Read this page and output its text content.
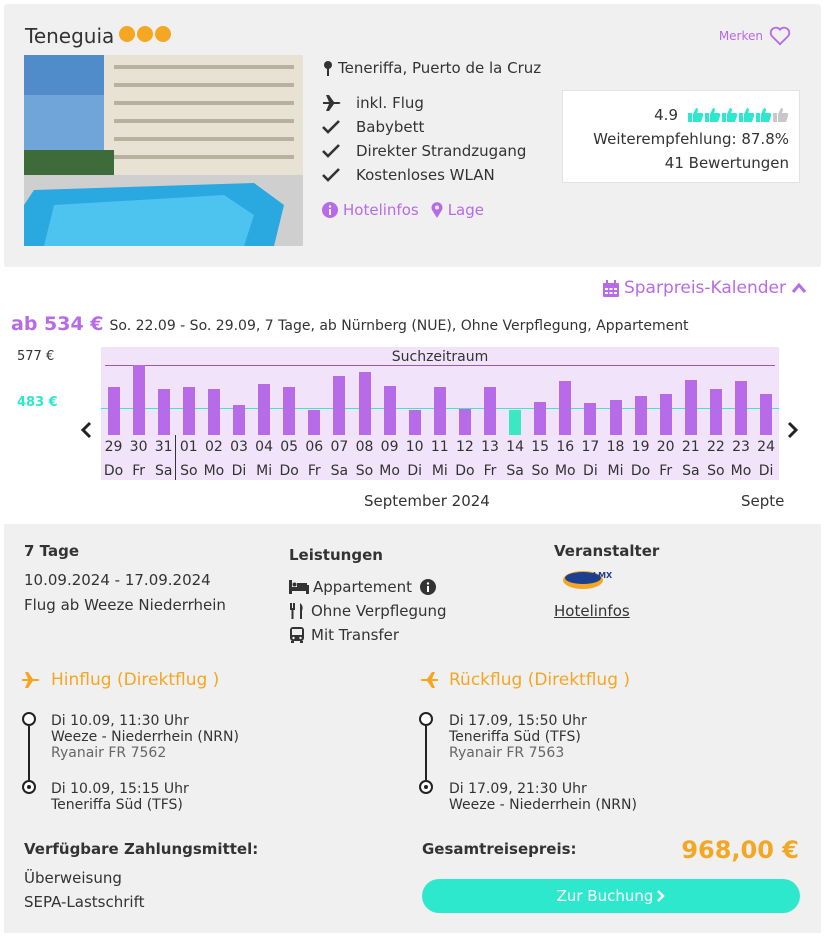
Teneguia	Merken
Teneriffa, Puerto de la Cruz
inkl. Flug
Babybett
Direkter Strandzugang
Kostenloses WLAN
Hotelinfos Lage
4.9
Weiterempfehlung: 87.8%
41 Bewertungen
Sparpreis-Kalender
ab 534 € So. 22.09 - So. 29.09, 7 Tage, ab Nürnberg (NUE), Ohne Verpflegung, Appartement
577 €
483 €
Suchzeitraum
29
Do
30
Fr
31
Sa
01
So
02
Mo
03
Di
04
Mi
05
Do
06
Fr
07
Sa
08
So
09
Mo
10
Di
11
Mi
12
Do
13
Fr
14
Sa
15
So
16
Mo
17
Di
18
Mi
19
Do
20
Fr
21
Sa
22
So
23
Mo
24
Di
September 2024	Septe
7 Tage
10.09.2024 - 17.09.2024
Flug ab Weeze Niederrhein
Leistungen
Appartement
Ohne Verpflegung
Mit Transfer
Veranstalter
LMX
Hotelinfos
Hinflug (Direktflug )
Di 10.09, 11:30 Uhr
Weeze - Niederrhein (NRN)
Ryanair FR 7562
Di 10.09, 15:15 Uhr
Teneriffa Süd (TFS)
Rückflug (Direktflug )
Di 17.09, 15:50 Uhr
Teneriffa Süd (TFS)
Ryanair FR 7563
Di 17.09, 21:30 Uhr
Weeze - Niederrhein (NRN)
Verfügbare Zahlungsmittel:
Überweisung
SEPA-Lastschrift
Gesamtreisepreis:	968,00 €
Zur Buchung
